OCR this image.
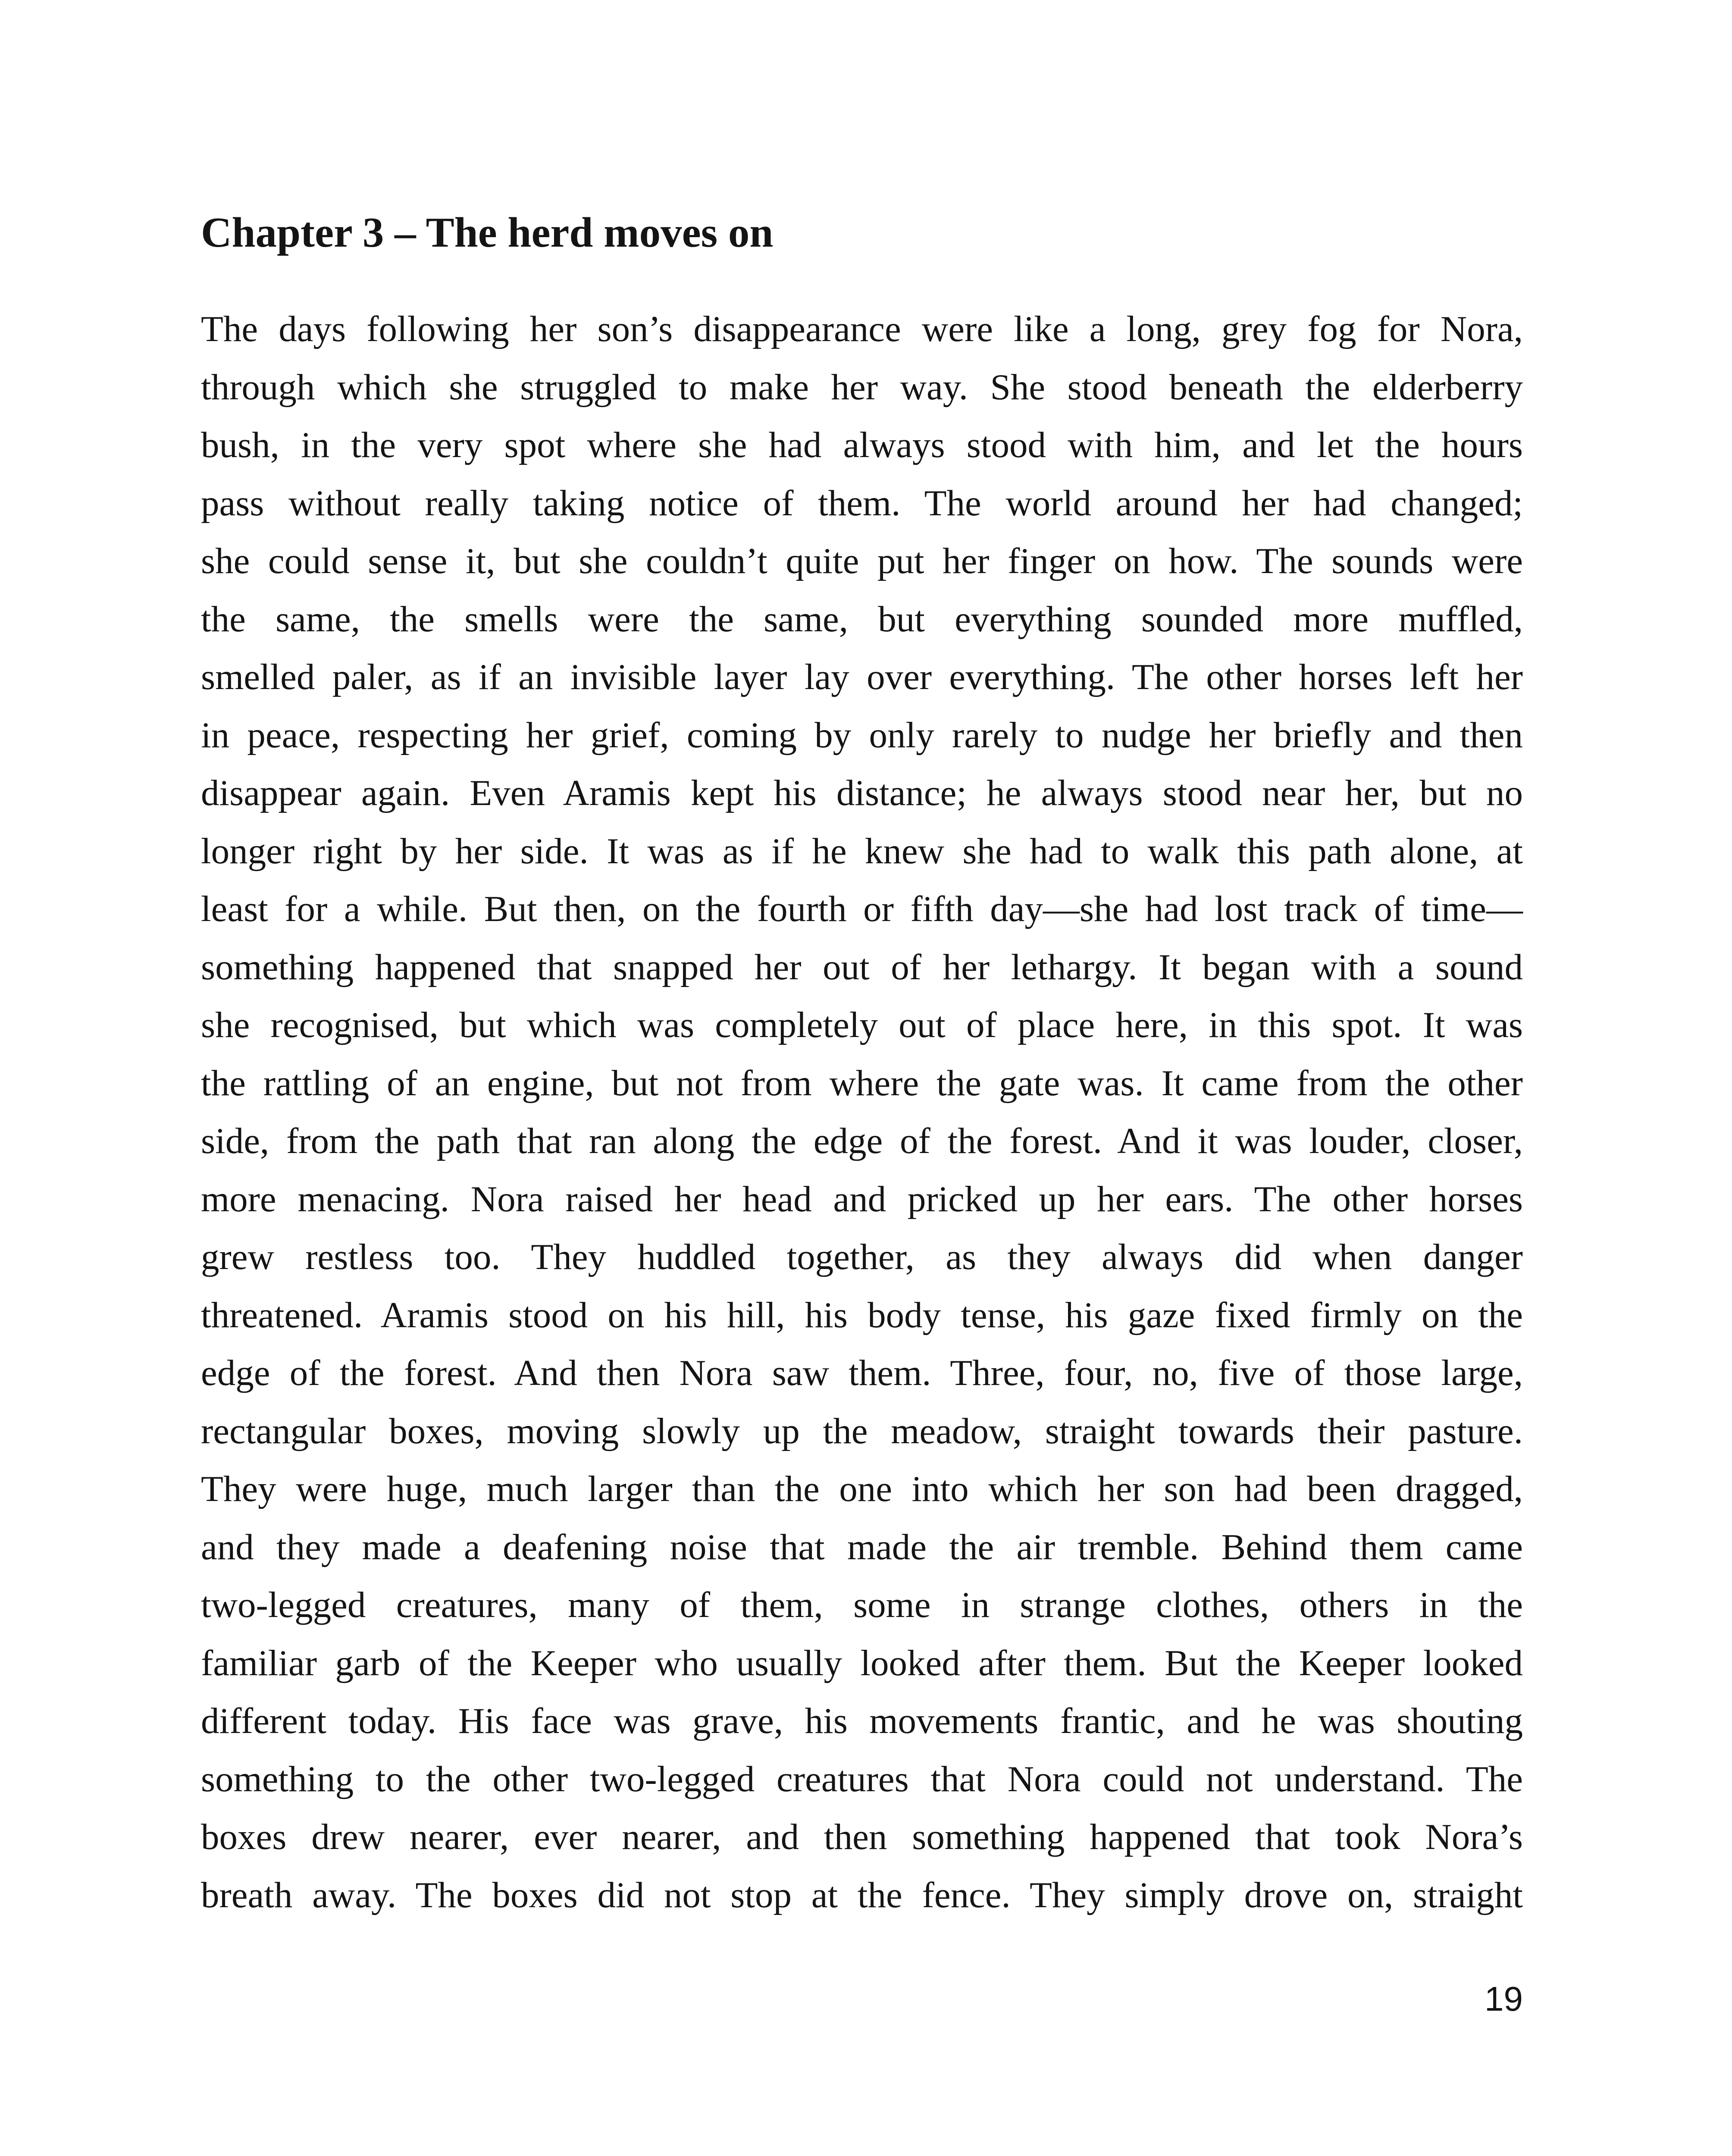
Chapter 3 – The herd moves on
The days following her son’s disappearance were like a long, grey fog for Nora,
through which she struggled to make her way. She stood beneath the elderberry
bush, in the very spot where she had always stood with him, and let the hours
pass without really taking notice of them. The world around her had changed;
she could sense it, but she couldn’t quite put her finger on how. The sounds were
the same, the smells were the same, but everything sounded more muffled,
smelled paler, as if an invisible layer lay over everything. The other horses left her
in peace, respecting her grief, coming by only rarely to nudge her briefly and then
disappear again. Even Aramis kept his distance; he always stood near her, but no
longer right by her side. It was as if he knew she had to walk this path alone, at
least for a while. But then, on the fourth or fifth day—she had lost track of time—
something happened that snapped her out of her lethargy. It began with a sound
she recognised, but which was completely out of place here, in this spot. It was
the rattling of an engine, but not from where the gate was. It came from the other
side, from the path that ran along the edge of the forest. And it was louder, closer,
more menacing. Nora raised her head and pricked up her ears. The other horses
grew restless too. They huddled together, as they always did when danger
threatened. Aramis stood on his hill, his body tense, his gaze fixed firmly on the
edge of the forest. And then Nora saw them. Three, four, no, five of those large,
rectangular boxes, moving slowly up the meadow, straight towards their pasture.
They were huge, much larger than the one into which her son had been dragged,
and they made a deafening noise that made the air tremble. Behind them came
two-legged creatures, many of them, some in strange clothes, others in the
familiar garb of the Keeper who usually looked after them. But the Keeper looked
different today. His face was grave, his movements frantic, and he was shouting
something to the other two-legged creatures that Nora could not understand. The
boxes drew nearer, ever nearer, and then something happened that took Nora’s
breath away. The boxes did not stop at the fence. They simply drove on, straight
19
